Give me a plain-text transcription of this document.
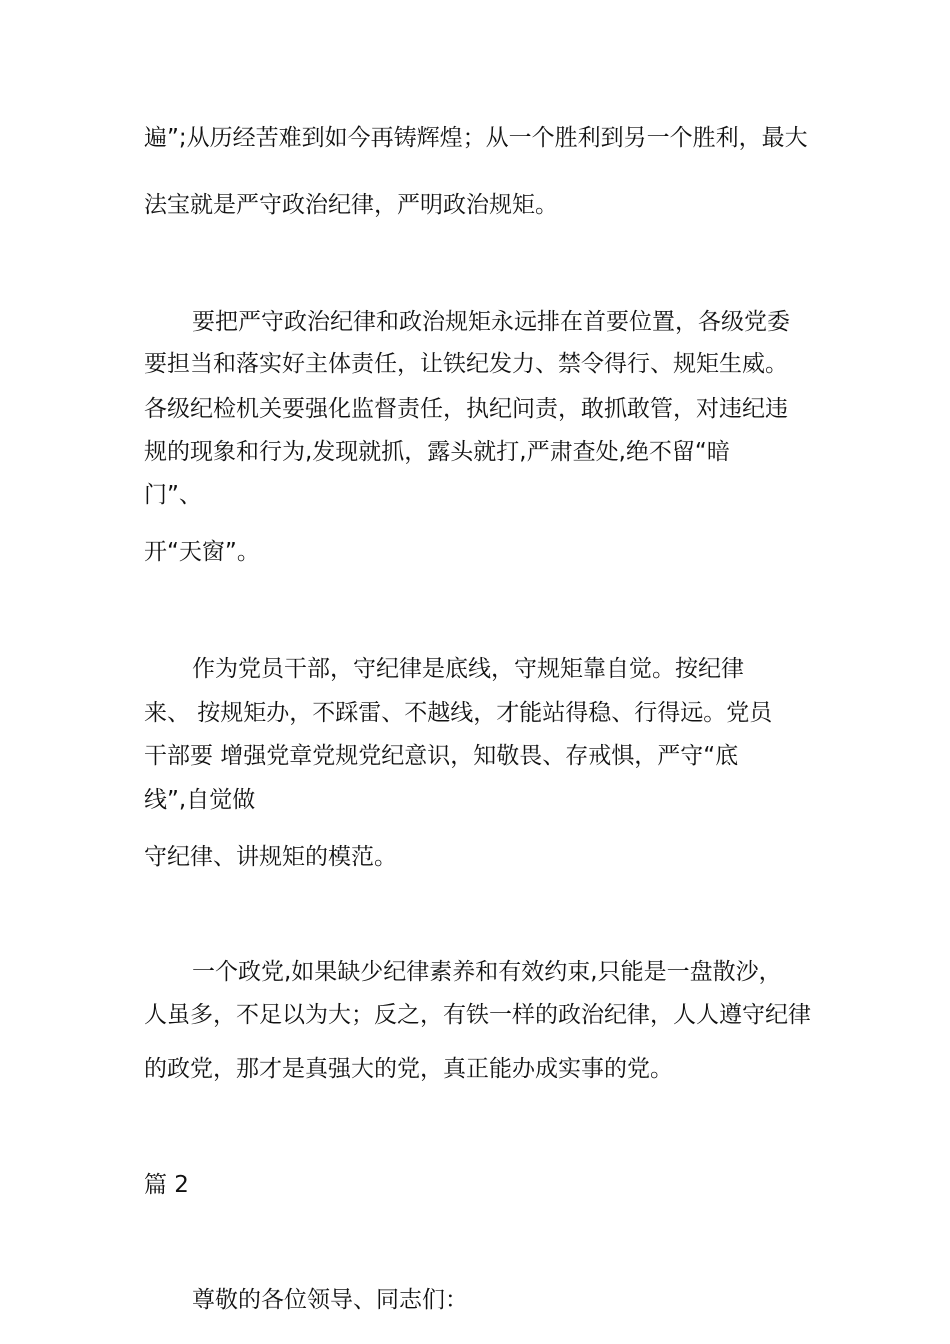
遍”;从历经苦难到如今再铸辉煌；从一个胜利到另一个胜利，最大
法宝就是严守政治纪律，严明政治规矩。
要把严守政治纪律和政治规矩永远排在首要位置，各级党委
要担当和落实好主体责任，让铁纪发力、禁令得行、规矩生威。
各级纪检机关要强化监督责任，执纪问责，敢抓敢管，对违纪违
规的现象和行为,发现就抓，露头就打,严肃查处,绝不留“暗
门”、
开“天窗”。
作为党员干部，守纪律是底线，守规矩靠自觉。按纪律
来、 按规矩办，不踩雷、不越线，才能站得稳、行得远。党员
干部要 增强党章党规党纪意识，知敬畏、存戒惧，严守“底
线”,自觉做
守纪律、讲规矩的模范。
一个政党,如果缺少纪律素养和有效约束,只能是一盘散沙，
人虽多，不足以为大；反之，有铁一样的政治纪律，人人遵守纪律
的政党，那才是真强大的党，真正能办成实事的党。
篇 2
尊敬的各位领导、同志们：
